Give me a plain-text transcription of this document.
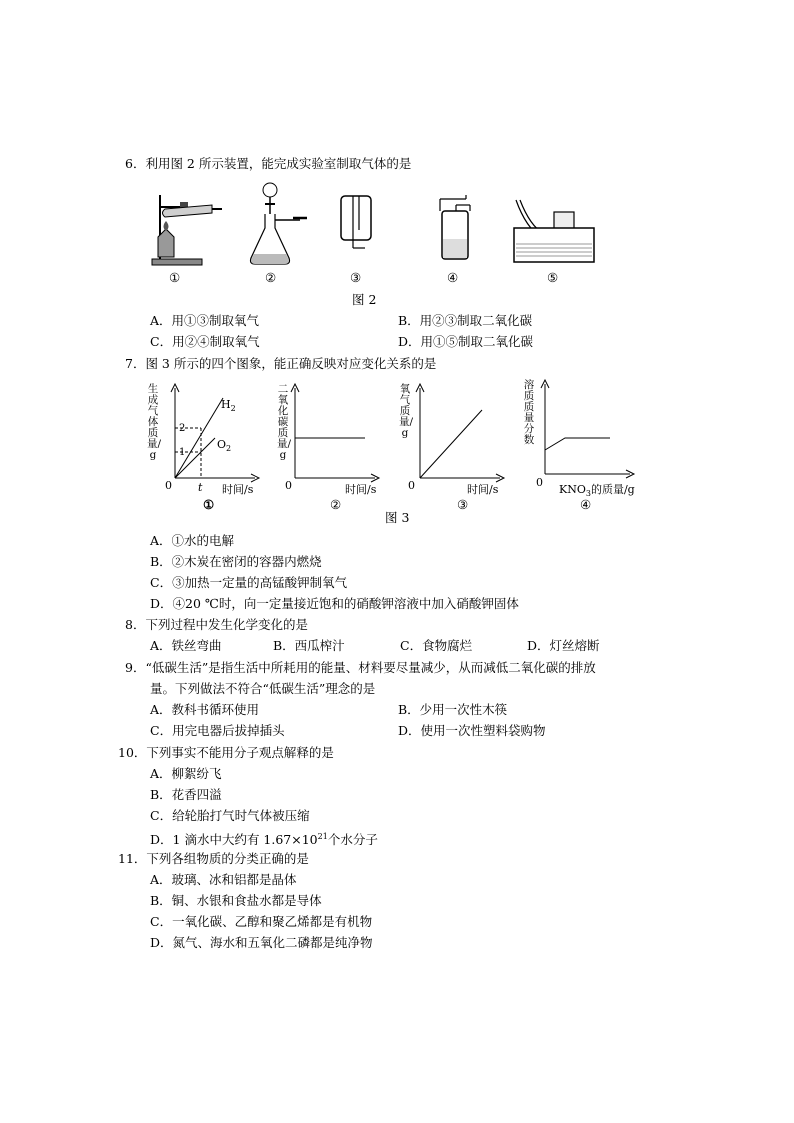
6．利用图 2 所示装置，能完成实验室制取气体的是
①	②	③	④	⑤
图 2
A．用①③制取氧气	B．用②③制取二氧化碳
C．用②④制取氧气	D．用①⑤制取二氧化碳
7．图 3 所示的四个图象，能正确反映对应变化关系的是
生成气体质量/g
2
1
$H_2$
$O_2$
0 t 时间/s
①
二氧化碳质量/g
0	时间/s
②
氧气质量/g
0	时间/s
③
溶质质量分数
0
$KNO_3$的质量/g
④
图 3
A．①水的电解
B．②木炭在密闭的容器内燃烧
C．③加热一定量的高锰酸钾制氧气
D．④20 ℃时，向一定量接近饱和的硝酸钾溶液中加入硝酸钾固体
8．下列过程中发生化学变化的是
A．铁丝弯曲	B．西瓜榨汁	C．食物腐烂	D．灯丝熔断
9．“低碳生活”是指生活中所耗用的能量、材料要尽量减少，从而减低二氧化碳的排放
量。下列做法不符合“低碳生活”理念的是
A．教科书循环使用	B．少用一次性木筷
C．用完电器后拔掉插头	D．使用一次性塑料袋购物
10．下列事实不能用分子观点解释的是
A．柳絮纷飞
B．花香四溢
C．给轮胎打气时气体被压缩
D．1 滴水中大约有 $1.67\times 10^{21}$个水分子
11．下列各组物质的分类正确的是
A．玻璃、冰和铝都是晶体
B．铜、水银和食盐水都是导体
C．一氧化碳、乙醇和聚乙烯都是有机物
D．氮气、海水和五氧化二磷都是纯净物
